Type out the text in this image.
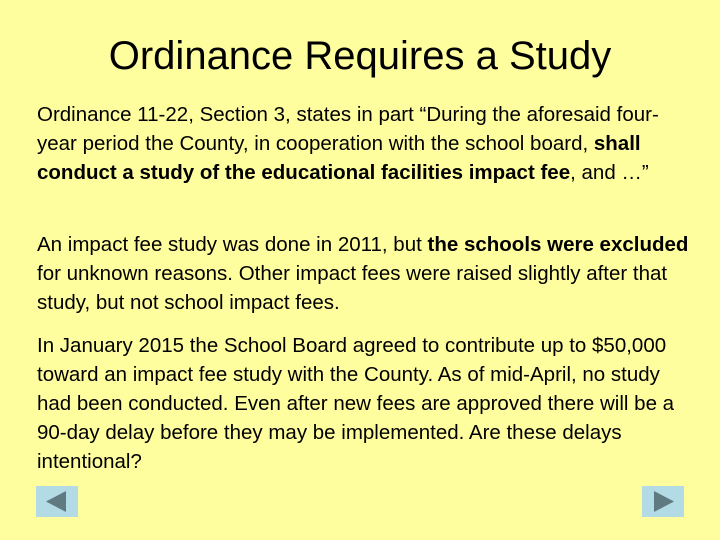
Ordinance Requires a Study

Ordinance 11-22, Section 3, states in part “During the aforesaid four-year period the County, in cooperation with the school board, shall conduct a study of the educational facilities impact fee, and …”

An impact fee study was done in 2011, but the schools were excluded for unknown reasons. Other impact fees were raised slightly after that study, but not school impact fees.

In January 2015 the School Board agreed to contribute up to $50,000 toward an impact fee study with the County. As of mid-April, no study had been conducted. Even after new fees are approved there will be a 90-day delay before they may be implemented. Are these delays intentional?
